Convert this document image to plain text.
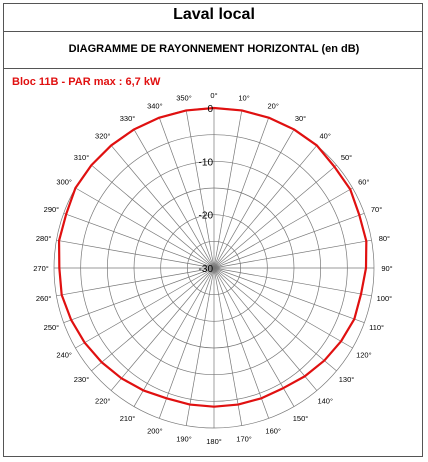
Laval local
DIAGRAMME DE RAYONNEMENT HORIZONTAL (en dB)
Bloc 11B - PAR max : 6,7 kW
0°	10°
20°
30°
40°
50°
60°
70°
80°
90°
100°
110°
120°
130°
140°
150°
160°
170°
180°
190°
200°
210°
220°
230°
240°
250°
260°
270°
280°
290°
300°
310°
320°
330°
340°
350°
0
-10
-20
-30
